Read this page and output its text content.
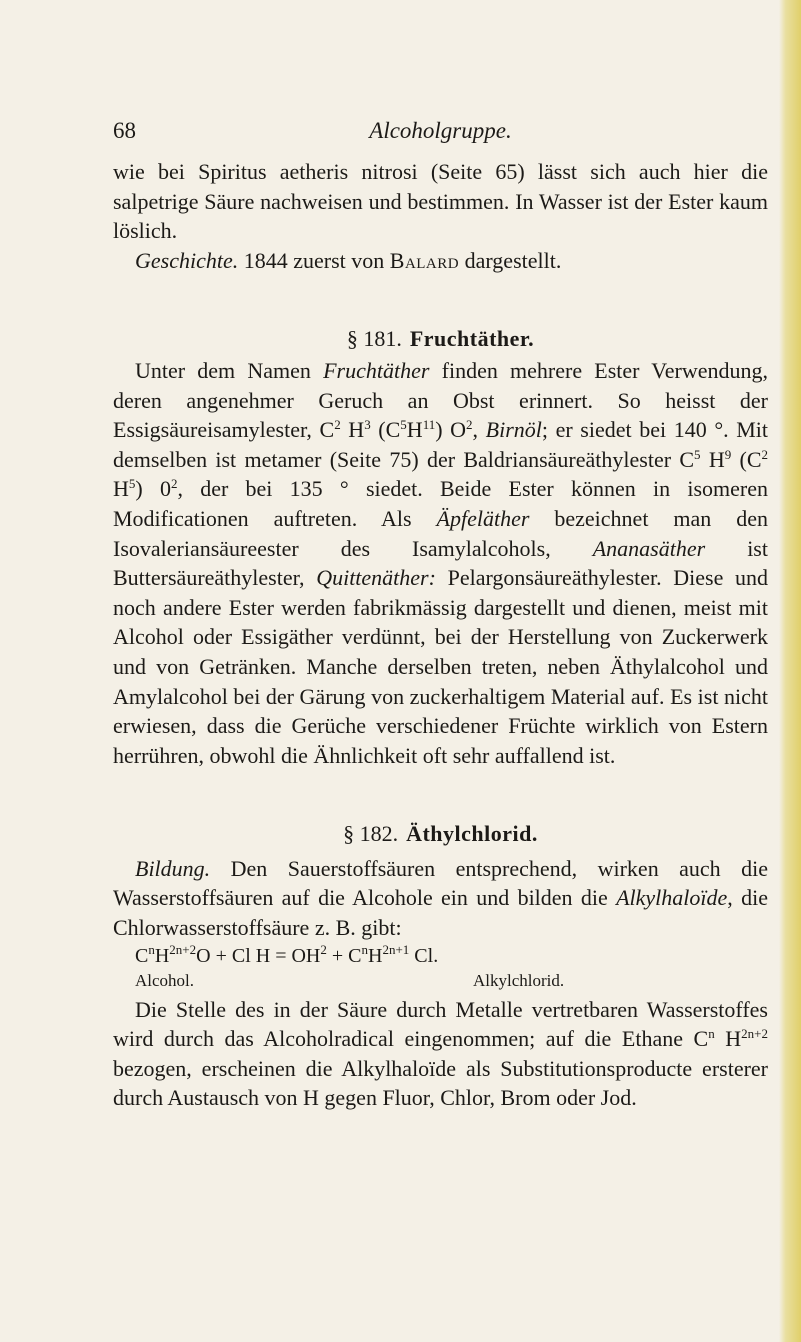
68	Alcoholgruppe.

wie bei Spiritus aetheris nitrosi (Seite 65) lässt sich auch hier die salpetrige Säure nachweisen und bestimmen. In Wasser ist der Ester kaum löslich.

Geschichte. 1844 zuerst von Balard dargestellt.

§ 181. Fruchtäther.

Unter dem Namen Fruchtäther finden mehrere Ester Verwendung, deren angenehmer Geruch an Obst erinnert. So heisst der Essigsäureisamylester, $C^2$ $H^3$ $(C^5H^{11})$ $O^2$, Birnöl; er siedet bei 140 °. Mit demselben ist metamer (Seite 75) der Baldriansäureäthylester $C^5$ $H^9$ ($C^2$ $H^5$) $0^2$, der bei 135 ° siedet. Beide Ester können in isomeren Modificationen auftreten. Als Äpfeläther bezeichnet man den Isovaleriansäureester des Isamylalcohols, Ananasäther ist Buttersäureäthylester, Quittenäther: Pelargonsäureäthylester. Diese und noch andere Ester werden fabrikmässig dargestellt und dienen, meist mit Alcohol oder Essigäther verdünnt, bei der Herstellung von Zuckerwerk und von Getränken. Manche derselben treten, neben Äthylalcohol und Amylalcohol bei der Gärung von zuckerhaltigem Material auf. Es ist nicht erwiesen, dass die Gerüche verschiedener Früchte wirklich von Estern herrühren, obwohl die Ähnlichkeit oft sehr auffallend ist.

§ 182. Äthylchlorid.

Bildung. Den Sauerstoffsäuren entsprechend, wirken auch die Wasserstoffsäuren auf die Alcohole ein und bilden die Alkylhaloïde, die Chlorwasserstoffsäure z. B. gibt:

$C^nH^{2n+2}O + Cl$ $H = OH^2 + C^nH^{2n+1}$ Cl.
Alcohol.	Alkylchlorid.

Die Stelle des in der Säure durch Metalle vertretbaren Wasserstoffes wird durch das Alcoholradical eingenommen; auf die Ethane $C^n$ $H^{2n+2}$ bezogen, erscheinen die Alkylhaloïde als Substitutionsproducte ersterer durch Austausch von H gegen Fluor, Chlor, Brom oder Jod.
